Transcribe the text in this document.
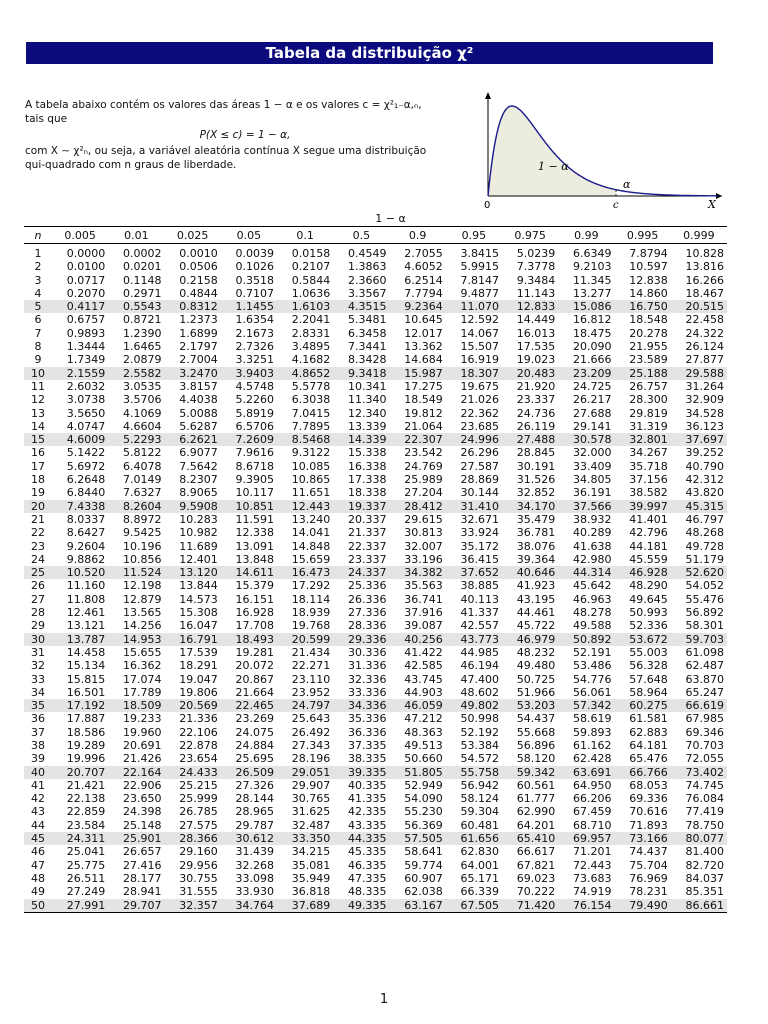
Tabela da distribuição χ²
A tabela abaixo contém os valores das áreas 1 − α e os valores c = χ²₁₋α,ₙ,
tais que
P(X ≤ c) = 1 − α,
com X ∼ χ²ₙ, ou seja, a variável aleatória contínua X segue uma distribuição
qui-quadrado com n graus de liberdade.	1 − α
α
0	c	X
1 − α
n	0.005	0.01	0.025	0.05	0.1	0.5	0.9	0.95	0.975	0.99	0.995	0.999
1	0.0000	0.0002	0.0010	0.0039	0.0158	0.4549	2.7055	3.8415	5.0239	6.6349	7.8794	10.828
2	0.0100	0.0201	0.0506	0.1026	0.2107	1.3863	4.6052	5.9915	7.3778	9.2103	10.597	13.816
3	0.0717	0.1148	0.2158	0.3518	0.5844	2.3660	6.2514	7.8147	9.3484	11.345	12.838	16.266
4	0.2070	0.2971	0.4844	0.7107	1.0636	3.3567	7.7794	9.4877	11.143	13.277	14.860	18.467
5	0.4117	0.5543	0.8312	1.1455	1.6103	4.3515	9.2364	11.070	12.833	15.086	16.750	20.515
6	0.6757	0.8721	1.2373	1.6354	2.2041	5.3481	10.645	12.592	14.449	16.812	18.548	22.458
7	0.9893	1.2390	1.6899	2.1673	2.8331	6.3458	12.017	14.067	16.013	18.475	20.278	24.322
8	1.3444	1.6465	2.1797	2.7326	3.4895	7.3441	13.362	15.507	17.535	20.090	21.955	26.124
9	1.7349	2.0879	2.7004	3.3251	4.1682	8.3428	14.684	16.919	19.023	21.666	23.589	27.877
10	2.1559	2.5582	3.2470	3.9403	4.8652	9.3418	15.987	18.307	20.483	23.209	25.188	29.588
11	2.6032	3.0535	3.8157	4.5748	5.5778	10.341	17.275	19.675	21.920	24.725	26.757	31.264
12	3.0738	3.5706	4.4038	5.2260	6.3038	11.340	18.549	21.026	23.337	26.217	28.300	32.909
13	3.5650	4.1069	5.0088	5.8919	7.0415	12.340	19.812	22.362	24.736	27.688	29.819	34.528
14	4.0747	4.6604	5.6287	6.5706	7.7895	13.339	21.064	23.685	26.119	29.141	31.319	36.123
15	4.6009	5.2293	6.2621	7.2609	8.5468	14.339	22.307	24.996	27.488	30.578	32.801	37.697
16	5.1422	5.8122	6.9077	7.9616	9.3122	15.338	23.542	26.296	28.845	32.000	34.267	39.252
17	5.6972	6.4078	7.5642	8.6718	10.085	16.338	24.769	27.587	30.191	33.409	35.718	40.790
18	6.2648	7.0149	8.2307	9.3905	10.865	17.338	25.989	28.869	31.526	34.805	37.156	42.312
19	6.8440	7.6327	8.9065	10.117	11.651	18.338	27.204	30.144	32.852	36.191	38.582	43.820
20	7.4338	8.2604	9.5908	10.851	12.443	19.337	28.412	31.410	34.170	37.566	39.997	45.315
21	8.0337	8.8972	10.283	11.591	13.240	20.337	29.615	32.671	35.479	38.932	41.401	46.797
22	8.6427	9.5425	10.982	12.338	14.041	21.337	30.813	33.924	36.781	40.289	42.796	48.268
23	9.2604	10.196	11.689	13.091	14.848	22.337	32.007	35.172	38.076	41.638	44.181	49.728
24	9.8862	10.856	12.401	13.848	15.659	23.337	33.196	36.415	39.364	42.980	45.559	51.179
25	10.520	11.524	13.120	14.611	16.473	24.337	34.382	37.652	40.646	44.314	46.928	52.620
26	11.160	12.198	13.844	15.379	17.292	25.336	35.563	38.885	41.923	45.642	48.290	54.052
27	11.808	12.879	14.573	16.151	18.114	26.336	36.741	40.113	43.195	46.963	49.645	55.476
28	12.461	13.565	15.308	16.928	18.939	27.336	37.916	41.337	44.461	48.278	50.993	56.892
29	13.121	14.256	16.047	17.708	19.768	28.336	39.087	42.557	45.722	49.588	52.336	58.301
30	13.787	14.953	16.791	18.493	20.599	29.336	40.256	43.773	46.979	50.892	53.672	59.703
31	14.458	15.655	17.539	19.281	21.434	30.336	41.422	44.985	48.232	52.191	55.003	61.098
32	15.134	16.362	18.291	20.072	22.271	31.336	42.585	46.194	49.480	53.486	56.328	62.487
33	15.815	17.074	19.047	20.867	23.110	32.336	43.745	47.400	50.725	54.776	57.648	63.870
34	16.501	17.789	19.806	21.664	23.952	33.336	44.903	48.602	51.966	56.061	58.964	65.247
35	17.192	18.509	20.569	22.465	24.797	34.336	46.059	49.802	53.203	57.342	60.275	66.619
36	17.887	19.233	21.336	23.269	25.643	35.336	47.212	50.998	54.437	58.619	61.581	67.985
37	18.586	19.960	22.106	24.075	26.492	36.336	48.363	52.192	55.668	59.893	62.883	69.346
38	19.289	20.691	22.878	24.884	27.343	37.335	49.513	53.384	56.896	61.162	64.181	70.703
39	19.996	21.426	23.654	25.695	28.196	38.335	50.660	54.572	58.120	62.428	65.476	72.055
40	20.707	22.164	24.433	26.509	29.051	39.335	51.805	55.758	59.342	63.691	66.766	73.402
41	21.421	22.906	25.215	27.326	29.907	40.335	52.949	56.942	60.561	64.950	68.053	74.745
42	22.138	23.650	25.999	28.144	30.765	41.335	54.090	58.124	61.777	66.206	69.336	76.084
43	22.859	24.398	26.785	28.965	31.625	42.335	55.230	59.304	62.990	67.459	70.616	77.419
44	23.584	25.148	27.575	29.787	32.487	43.335	56.369	60.481	64.201	68.710	71.893	78.750
45	24.311	25.901	28.366	30.612	33.350	44.335	57.505	61.656	65.410	69.957	73.166	80.077
46	25.041	26.657	29.160	31.439	34.215	45.335	58.641	62.830	66.617	71.201	74.437	81.400
47	25.775	27.416	29.956	32.268	35.081	46.335	59.774	64.001	67.821	72.443	75.704	82.720
48	26.511	28.177	30.755	33.098	35.949	47.335	60.907	65.171	69.023	73.683	76.969	84.037
49	27.249	28.941	31.555	33.930	36.818	48.335	62.038	66.339	70.222	74.919	78.231	85.351
50	27.991	29.707	32.357	34.764	37.689	49.335	63.167	67.505	71.420	76.154	79.490	86.661
1
